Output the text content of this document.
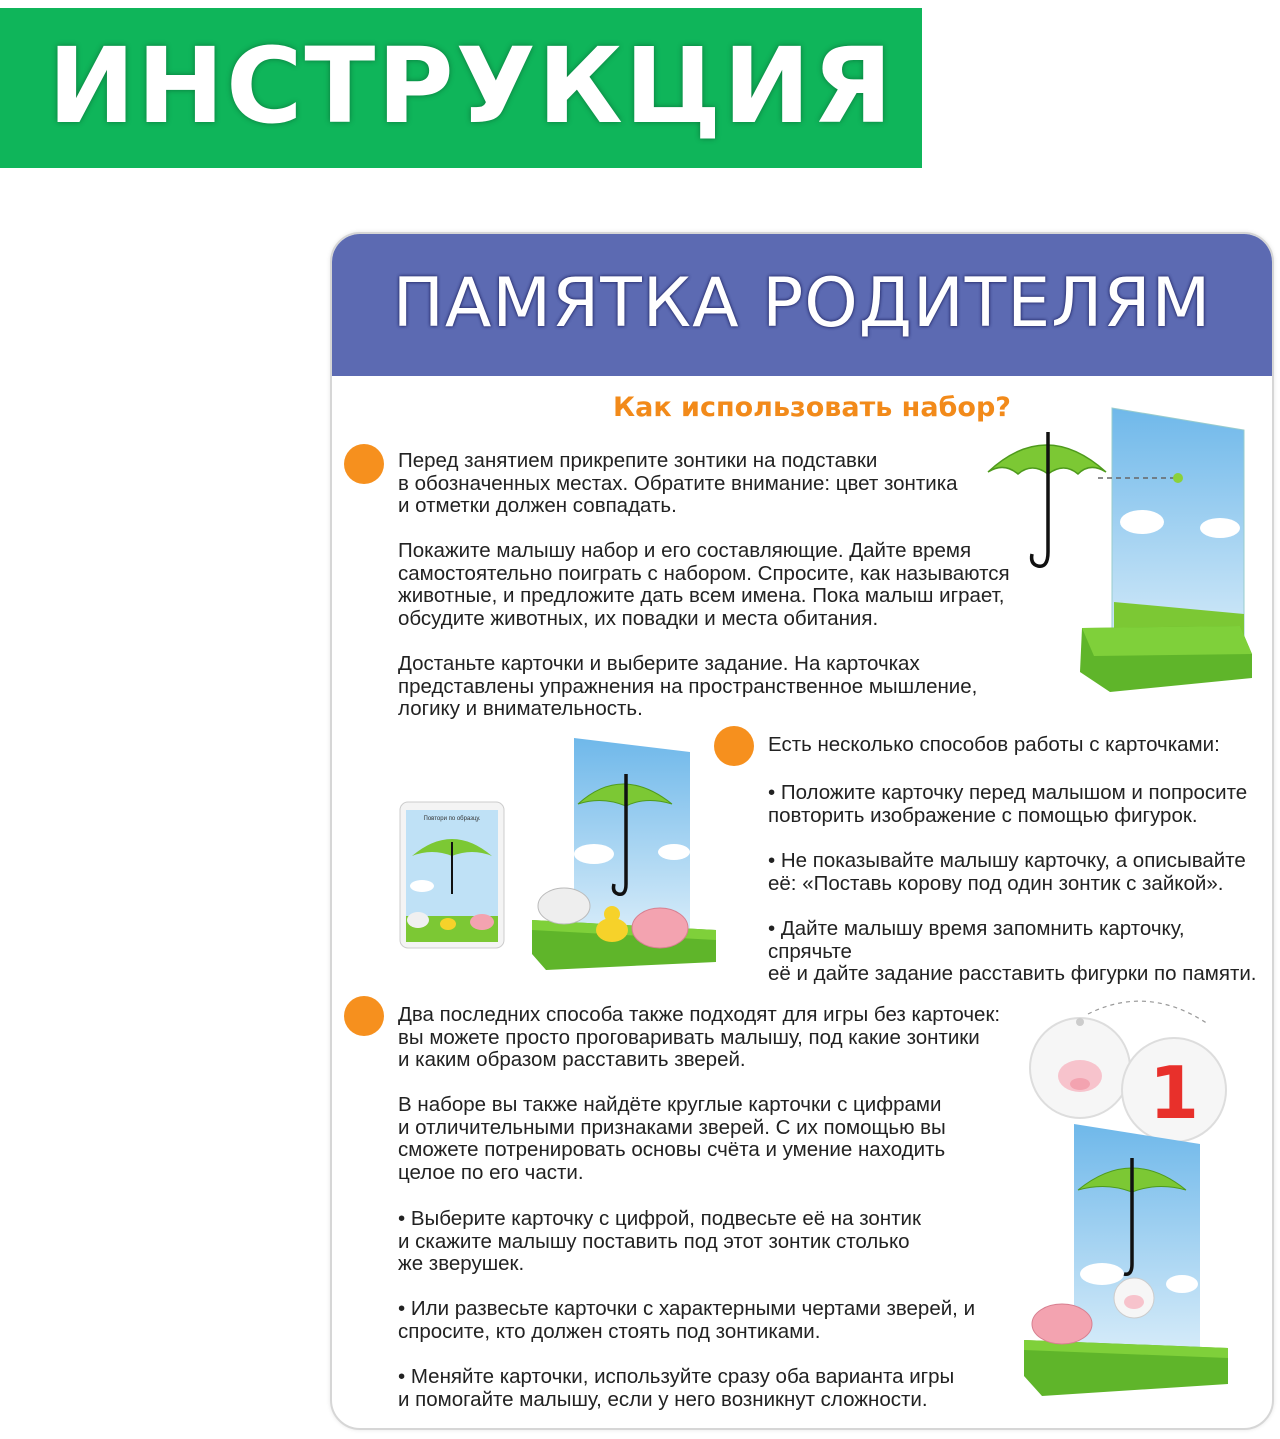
ИНСТРУКЦИЯ
ПАМЯТКА РОДИТЕЛЯМ
Как использовать набор?
Перед занятием прикрепите зонтики на подставки
в обозначенных местах. Обратите внимание: цвет зонтика
и отметки должен совпадать.
Покажите малышу набор и его составляющие. Дайте время
самостоятельно поиграть с набором. Спросите, как называются
животные, и предложите дать всем имена. Пока малыш играет,
обсудите животных, их повадки и места обитания.
Достаньте карточки и выберите задание. На карточках
представлены упражнения на пространственное мышление,
логику и внимательность.
Есть несколько способов работы с карточками:
• Положите карточку перед малышом и попросите
повторить изображение с помощью фигурок.
• Не показывайте малышу карточку, а описывайте
её: «Поставь корову под один зонтик с зайкой».
• Дайте малышу время запомнить карточку, спрячьте
её и дайте задание расставить фигурки по памяти.
Повтори по образцу.
Два последних способа также подходят для игры без карточек:
вы можете просто проговаривать малышу, под какие зонтики
и каким образом расставить зверей.
В наборе вы также найдёте круглые карточки с цифрами
и отличительными признаками зверей. С их помощью вы
сможете потренировать основы счёта и умение находить
целое по его части.
• Выберите карточку с цифрой, подвесьте её на зонтик
и скажите малышу поставить под этот зонтик столько
же зверушек.
• Или развесьте карточки с характерными чертами зверей, и
спросите, кто должен стоять под зонтиками.
• Меняйте карточки, используйте сразу оба варианта игры
и помогайте малышу, если у него возникнут сложности.
1
